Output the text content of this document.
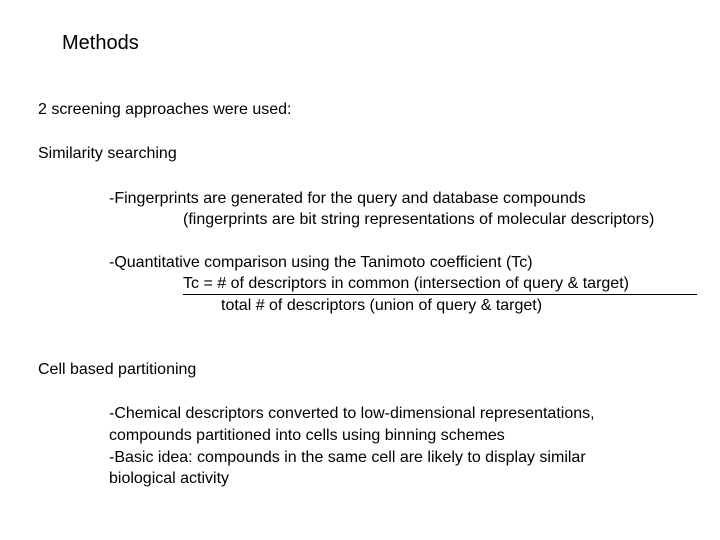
Methods
2 screening approaches were used:
Similarity searching
-Fingerprints are generated for the query and database compounds
(fingerprints are bit string representations of molecular descriptors)
-Quantitative comparison using the Tanimoto coefficient (Tc)
Tc = # of descriptors in common (intersection of query & target)
total # of descriptors (union of query & target)
Cell based partitioning
-Chemical descriptors converted to low-dimensional representations,
compounds partitioned into cells using binning schemes
-Basic idea: compounds in the same cell are likely to display similar
biological activity
